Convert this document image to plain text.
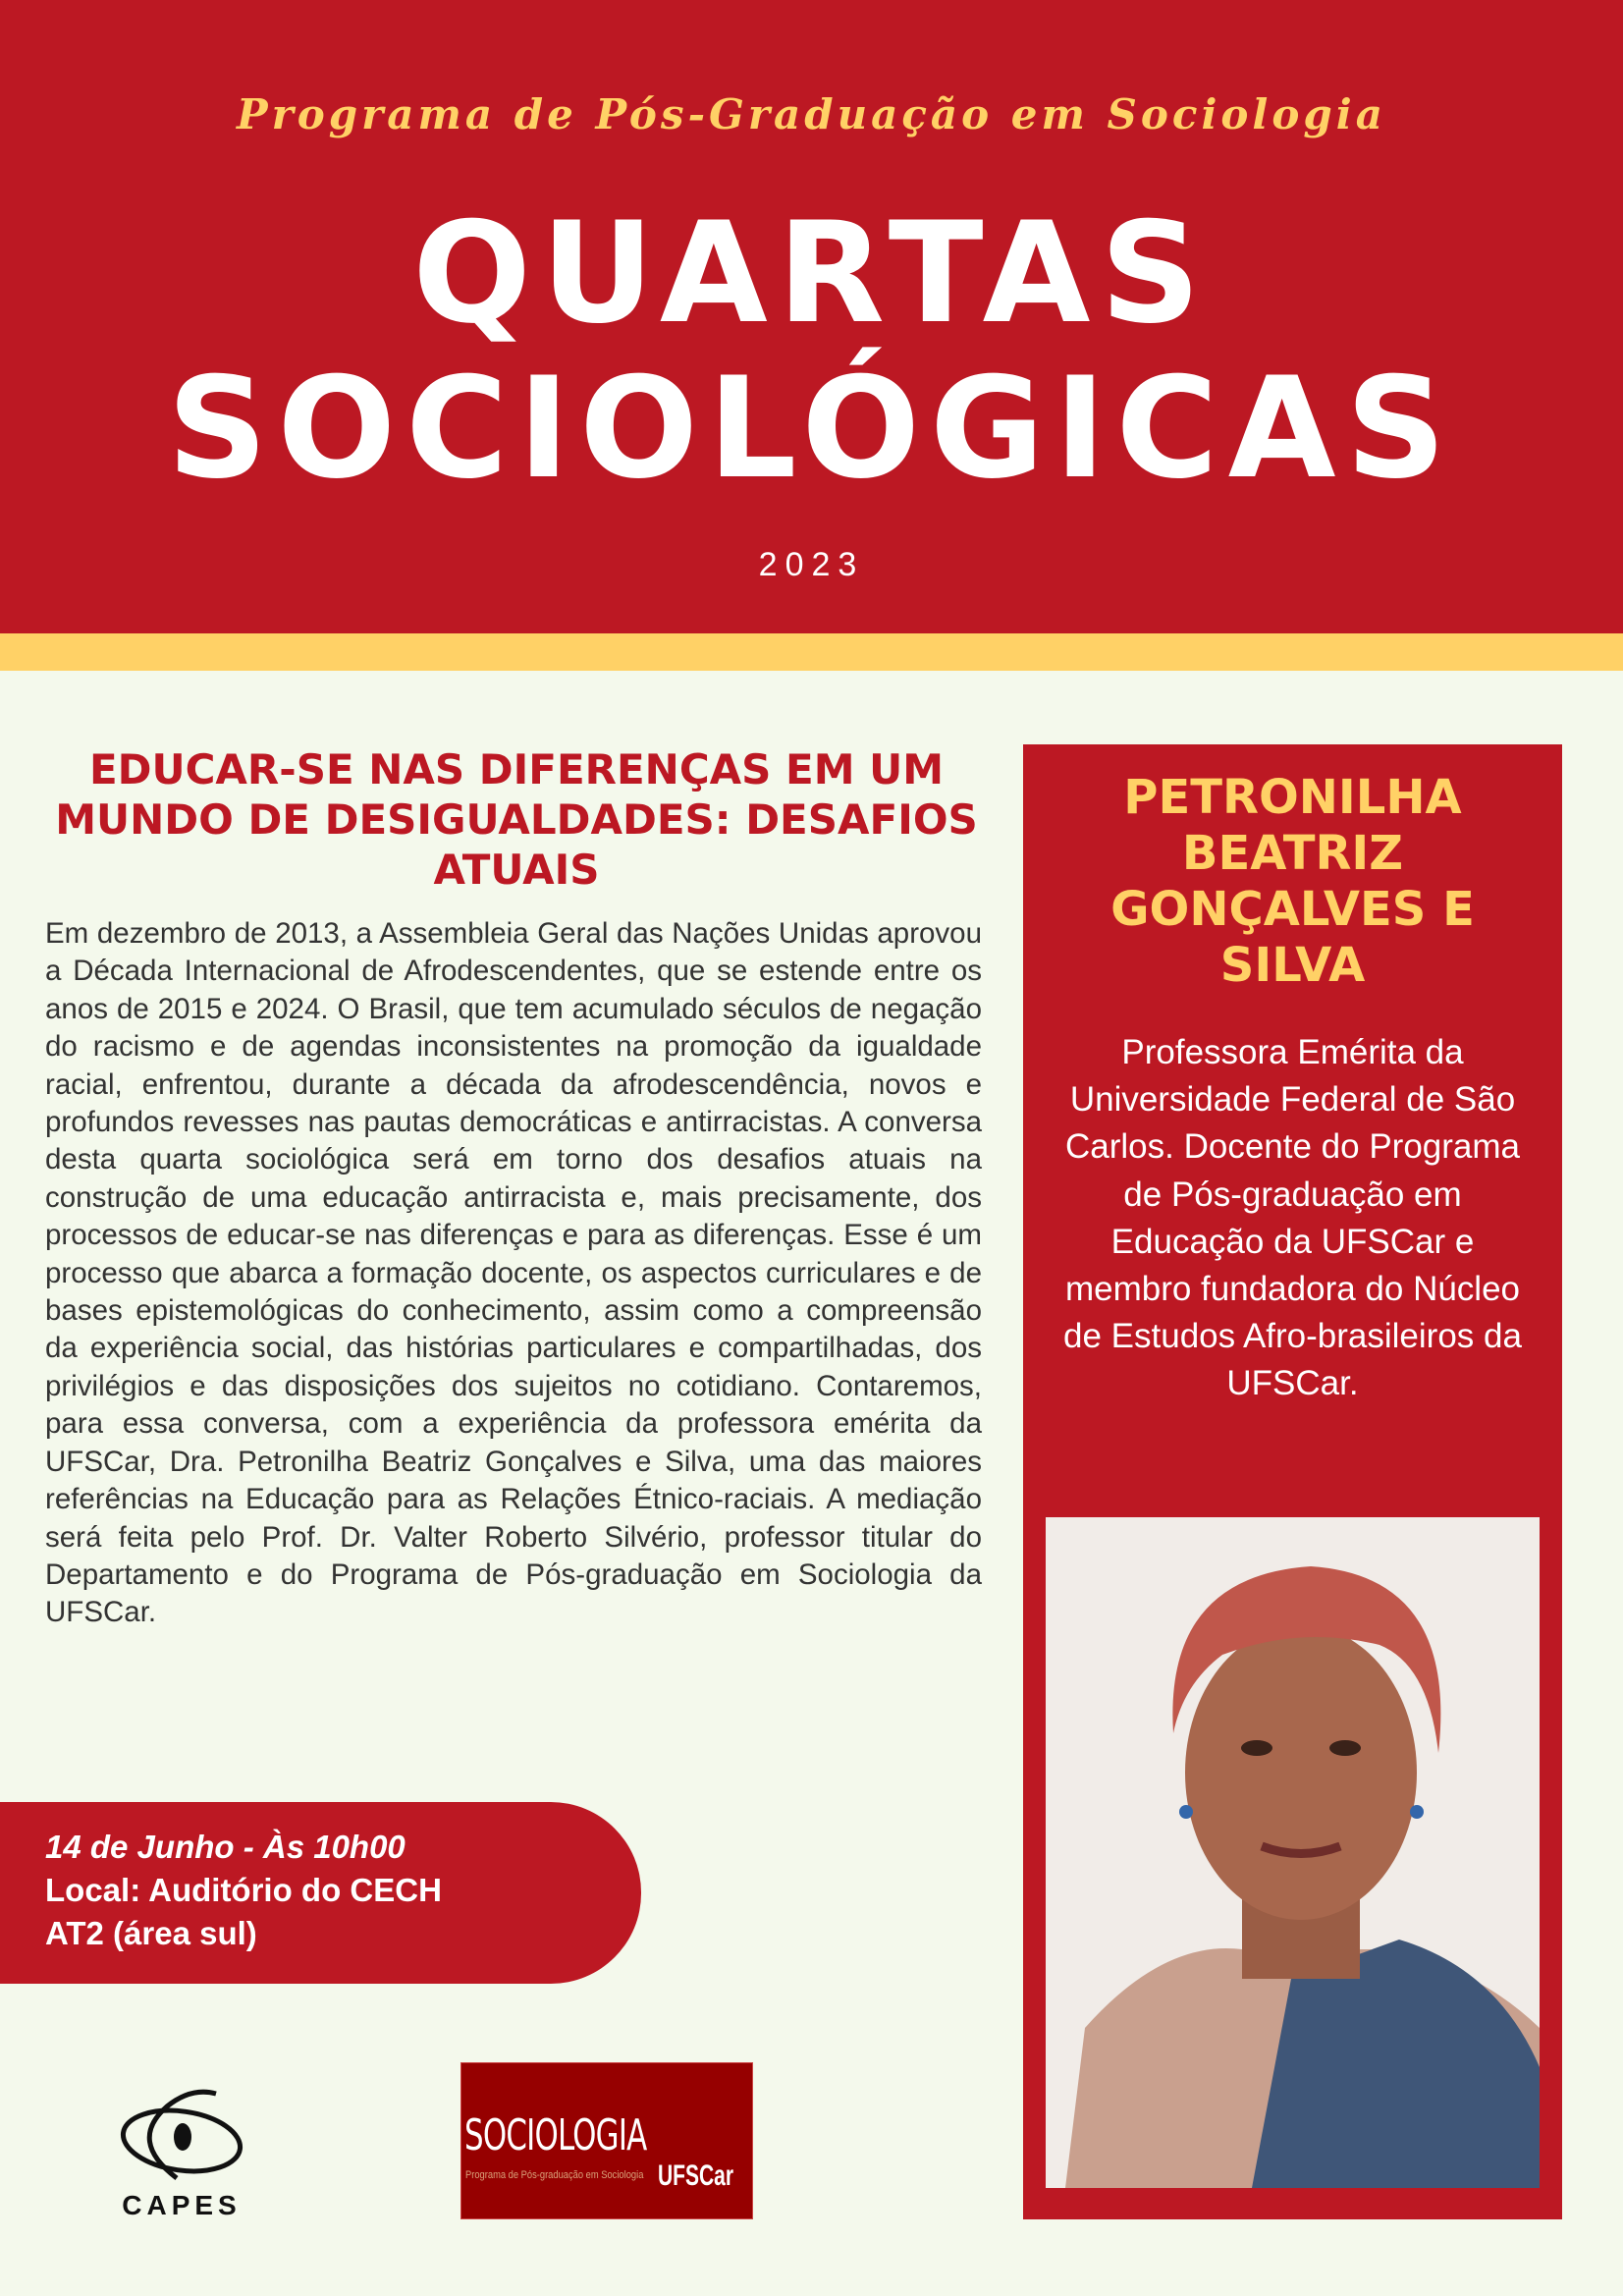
Programa de Pós-Graduação em Sociologia
QUARTAS
SOCIOLÓGICAS
2023
EDUCAR-SE NAS DIFERENÇAS EM UM MUNDO DE DESIGUALDADES: DESAFIOS ATUAIS
Em dezembro de 2013, a Assembleia Geral das Nações Unidas aprovou a Década Internacional de Afrodescendentes, que se estende entre os anos de 2015 e 2024. O Brasil, que tem acumulado séculos de negação do racismo e de agendas inconsistentes na promoção da igualdade racial, enfrentou, durante a década da afrodescendência, novos e profundos revesses nas pautas democráticas e antirracistas. A conversa desta quarta sociológica será em torno dos desafios atuais na construção de uma educação antirracista e, mais precisamente, dos processos de educar-se nas diferenças e para as diferenças. Esse é um processo que abarca a formação docente, os aspectos curriculares e de bases epistemológicas do conhecimento, assim como a compreensão da experiência social, das histórias particulares e compartilhadas, dos privilégios e das disposições dos sujeitos no cotidiano. Contaremos, para essa conversa, com a experiência da professora emérita da UFSCar, Dra. Petronilha Beatriz Gonçalves e Silva, uma das maiores referências na Educação para as Relações Étnico-raciais. A mediação será feita pelo Prof. Dr. Valter Roberto Silvério, professor titular do Departamento e do Programa de Pós-graduação em Sociologia da UFSCar.
14 de Junho - Às 10h00
Local: Auditório do CECH
AT2 (área sul)
PETRONILHA BEATRIZ GONÇALVES E SILVA
Professora Emérita da Universidade Federal de São Carlos. Docente do Programa de Pós-graduação em Educação da UFSCar e membro fundadora do Núcleo de Estudos Afro-brasileiros da UFSCar.
CAPES
SOCIOLOGIA
Programa de Pós-graduação em Sociologia UFSCar
